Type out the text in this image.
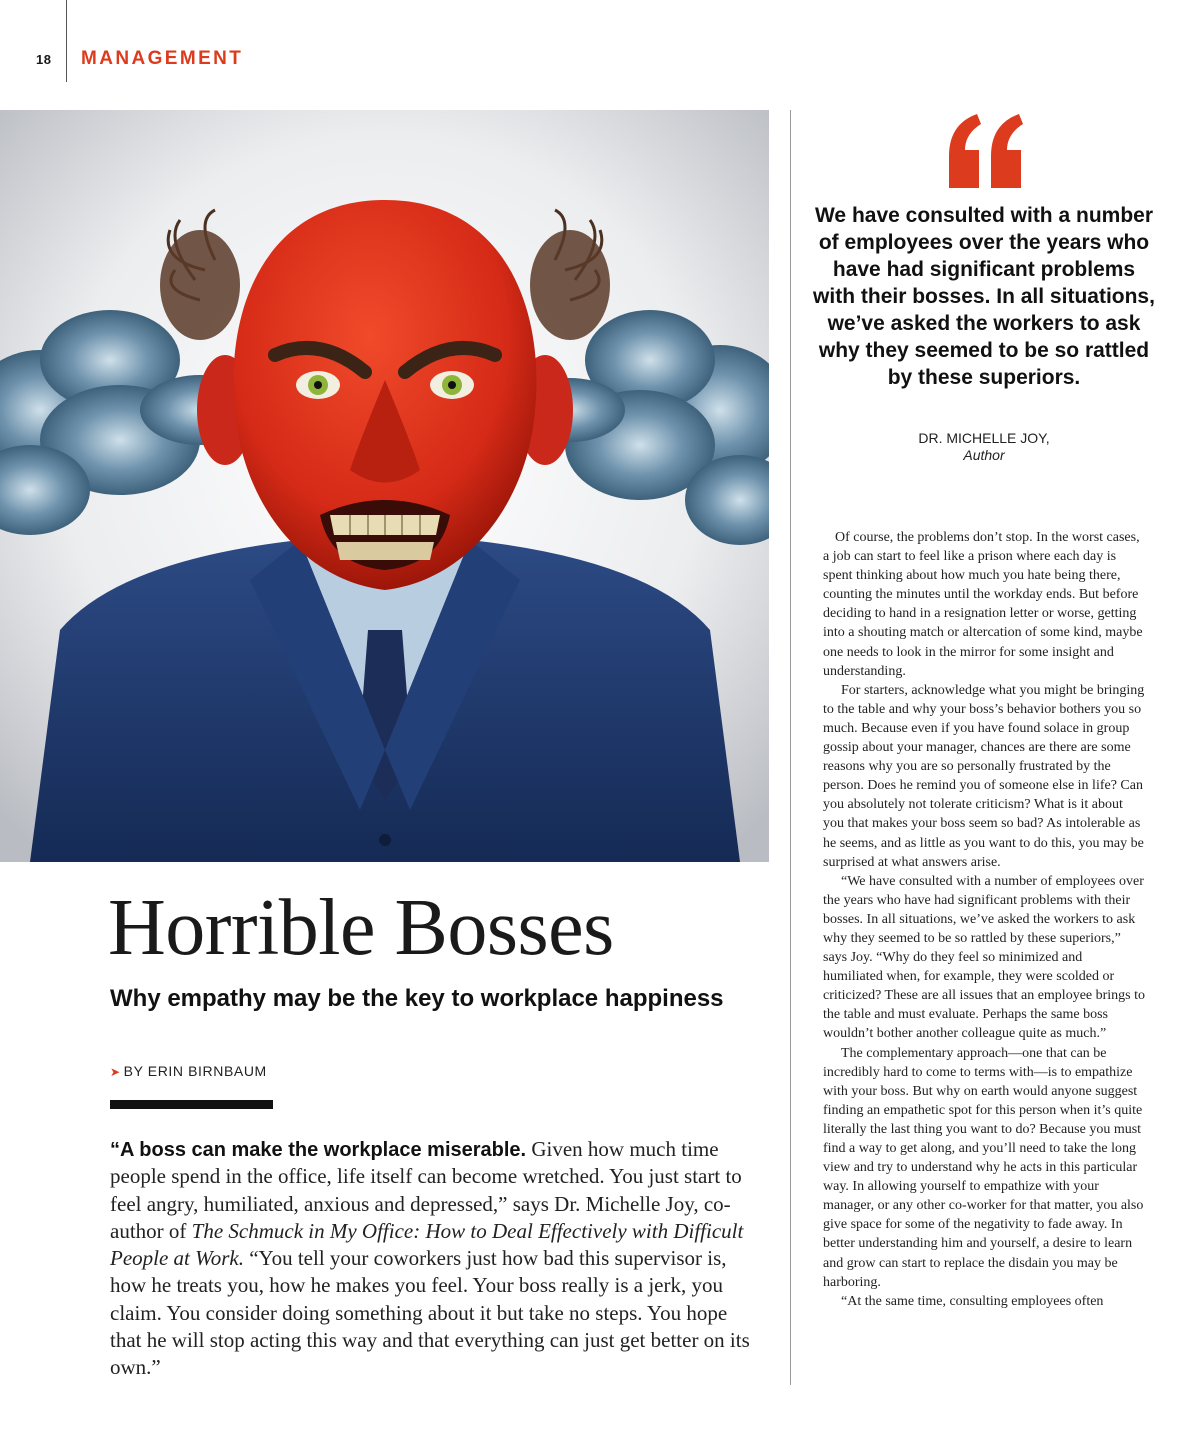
18 MANAGEMENT

We have consulted with a number of employees over the years who have had significant problems with their bosses. In all situations, we’ve asked the workers to ask why they seemed to be so rattled by these superiors.

DR. MICHELLE JOY,
Author

Of course, the problems don’t stop. In the worst cases, a job can start to feel like a prison where each day is spent thinking about how much you hate being there, counting the minutes until the workday ends. But before deciding to hand in a resignation letter or worse, getting into a shouting match or altercation of some kind, maybe one needs to look in the mirror for some insight and understanding.

For starters, acknowledge what you might be bringing to the table and why your boss’s behavior bothers you so much. Because even if you have found solace in group gossip about your manager, chances are there are some reasons why you are so personally frustrated by the person. Does he remind you of someone else in life? Can you absolutely not tolerate criticism? What is it about you that makes your boss seem so bad? As intolerable as he seems, and as little as you want to do this, you may be surprised at what answers arise.

“We have consulted with a number of employees over the years who have had significant problems with their bosses. In all situations, we’ve asked the workers to ask why they seemed to be so rattled by these superiors,” says Joy. “Why do they feel so minimized and humiliated when, for example, they were scolded or criticized? These are all issues that an employee brings to the table and must evaluate. Perhaps the same boss wouldn’t bother another colleague quite as much.”

The complementary approach—one that can be incredibly hard to come to terms with—is to empathize with your boss. But why on earth would anyone suggest finding an empathetic spot for this person when it’s quite literally the last thing you want to do? Because you must find a way to get along, and you’ll need to take the long view and try to understand why he acts in this particular way. In allowing yourself to empathize with your manager, or any other co-worker for that matter, you also give space for some of the negativity to fade away. In better understanding him and yourself, a desire to learn and grow can start to replace the disdain you may be harboring.

“At the same time, consulting employees often

Horrible Bosses
Why empathy may be the key to workplace happiness
➤ BY ERIN BIRNBAUM

“A boss can make the workplace miserable. Given how much time people spend in the office, life itself can become wretched. You just start to feel angry, humiliated, anxious and depressed,” says Dr. Michelle Joy, co-author of The Schmuck in My Office: How to Deal Effectively with Difficult People at Work. “You tell your coworkers just how bad this supervisor is, how he treats you, how he makes you feel. Your boss really is a jerk, you claim. You consider doing something about it but take no steps. You hope that he will stop acting this way and that everything can just get better on its own.”
